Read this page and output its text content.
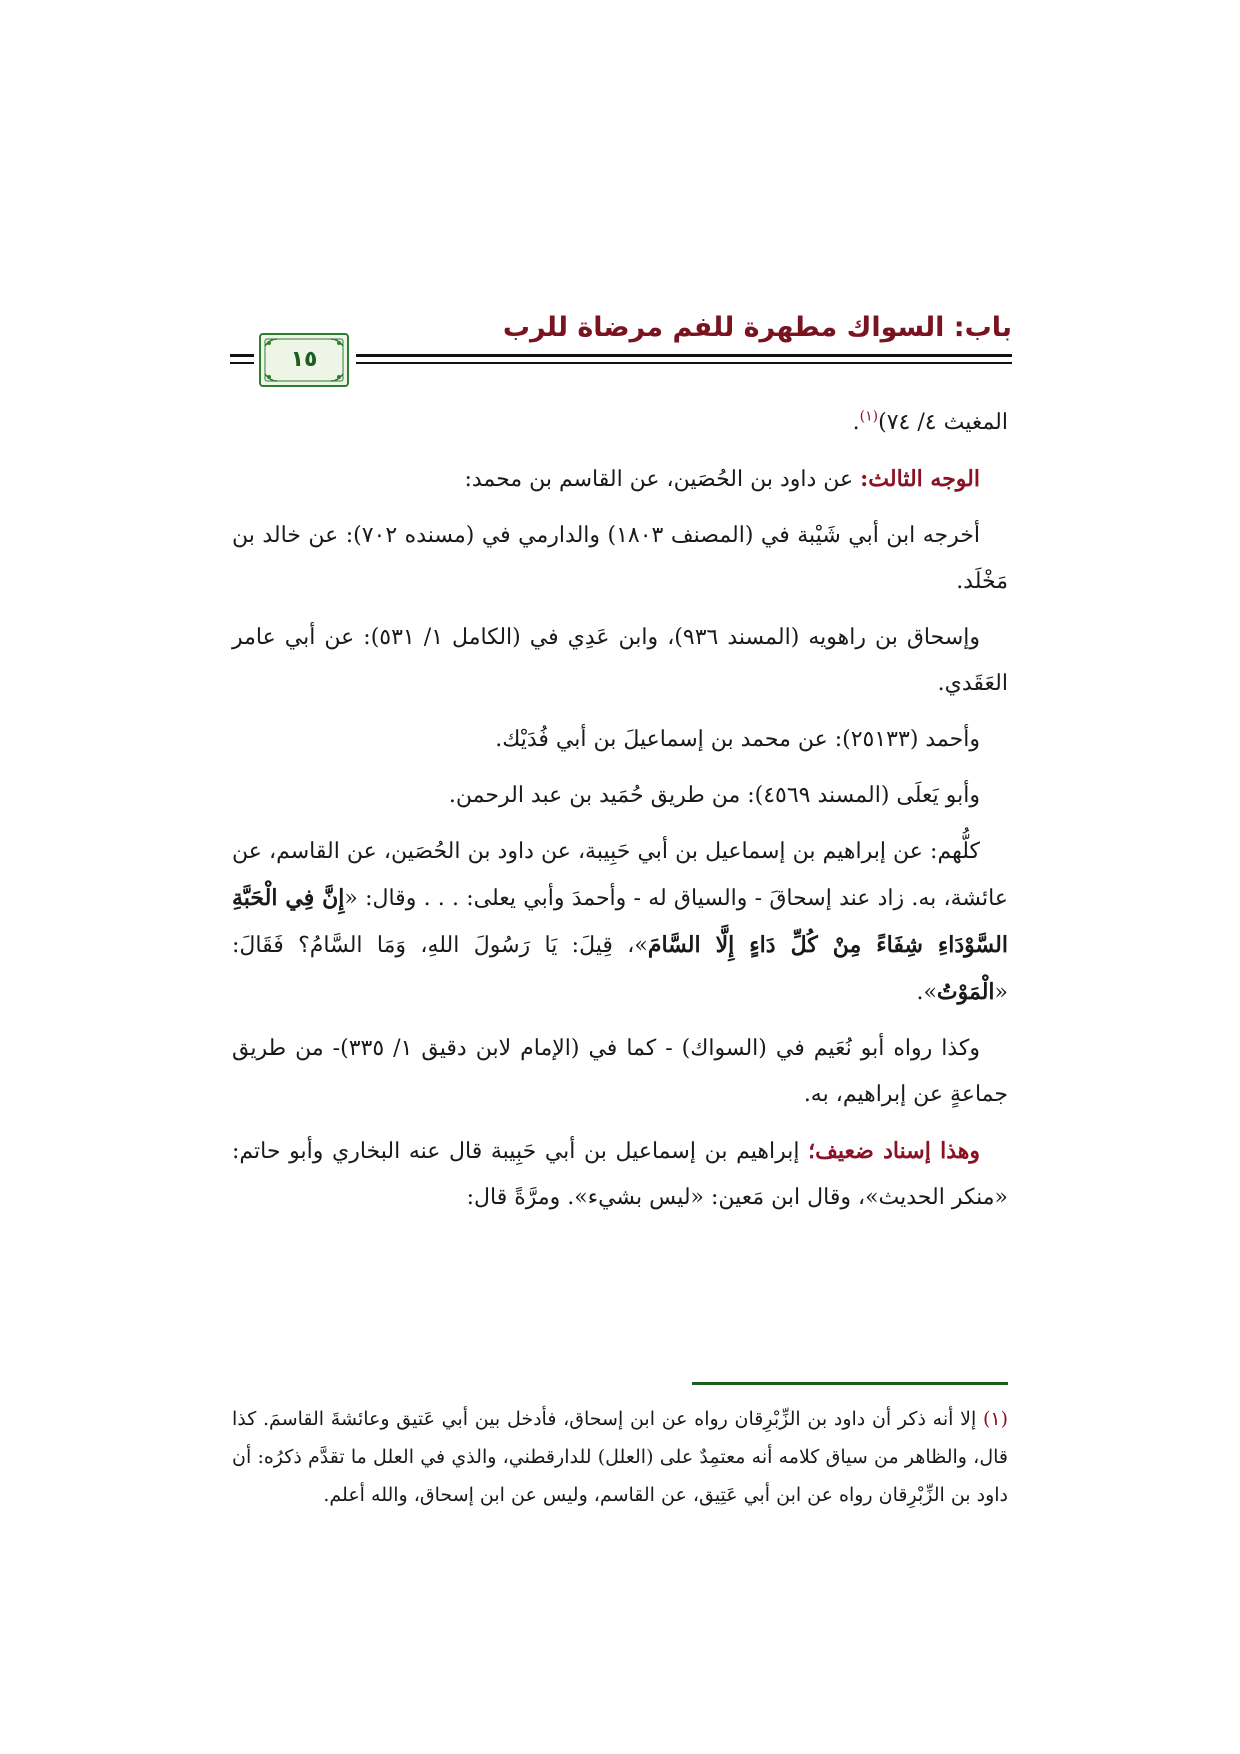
باب: السواك مطهرة للفم مرضاة للرب
١٥

المغيث ٤/ ٧٤)$^{(١)}$.

الوجه الثالث: عن داود بن الحُصَين، عن القاسم بن محمد:

أخرجه ابن أبي شَيْبة في (المصنف ١٨٠٣) والدارمي في (مسنده ٧٠٢): عن خالد بن مَخْلَد.

وإسحاق بن راهويه (المسند ٩٣٦)، وابن عَدِي في (الكامل ١/ ٥٣١): عن أبي عامر العَقَدي.

وأحمد (٢٥١٣٣): عن محمد بن إسماعيلَ بن أبي فُدَيْك.

وأبو يَعلَى (المسند ٤٥٦٩): من طريق حُمَيد بن عبد الرحمن.

كلُّهم: عن إبراهيم بن إسماعيل بن أبي حَبِيبة، عن داود بن الحُصَين، عن القاسم، عن عائشة، به. زاد عند إسحاقَ - والسياق له - وأحمدَ وأبي يعلى: . . . وقال: «إِنَّ فِي الْحَبَّةِ السَّوْدَاءِ شِفَاءً مِنْ كُلِّ دَاءٍ إِلَّا السَّامَ»، قِيلَ: يَا رَسُولَ اللهِ، وَمَا السَّامُ؟ فَقَالَ: «الْمَوْتُ».

وكذا رواه أبو نُعَيم في (السواك) - كما في (الإمام لابن دقيق ١/ ٣٣٥)- من طريق جماعةٍ عن إبراهيم، به.

وهذا إسناد ضعيف؛ إبراهيم بن إسماعيل بن أبي حَبِيبة قال عنه البخاري وأبو حاتم: «منكر الحديث»، وقال ابن مَعين: «ليس بشيء». ومرَّةً قال:

(١) إلا أنه ذكر أن داود بن الزِّبْرِقان رواه عن ابن إسحاق، فأدخل بين أبي عَتيق وعائشةَ القاسمَ. كذا قال، والظاهر من سياق كلامه أنه معتمِدٌ على (العلل) للدارقطني، والذي في العلل ما تقدَّم ذكرُه: أن داود بن الزِّبْرِقان رواه عن ابن أبي عَتِيق، عن القاسم، وليس عن ابن إسحاق، والله أعلم.
